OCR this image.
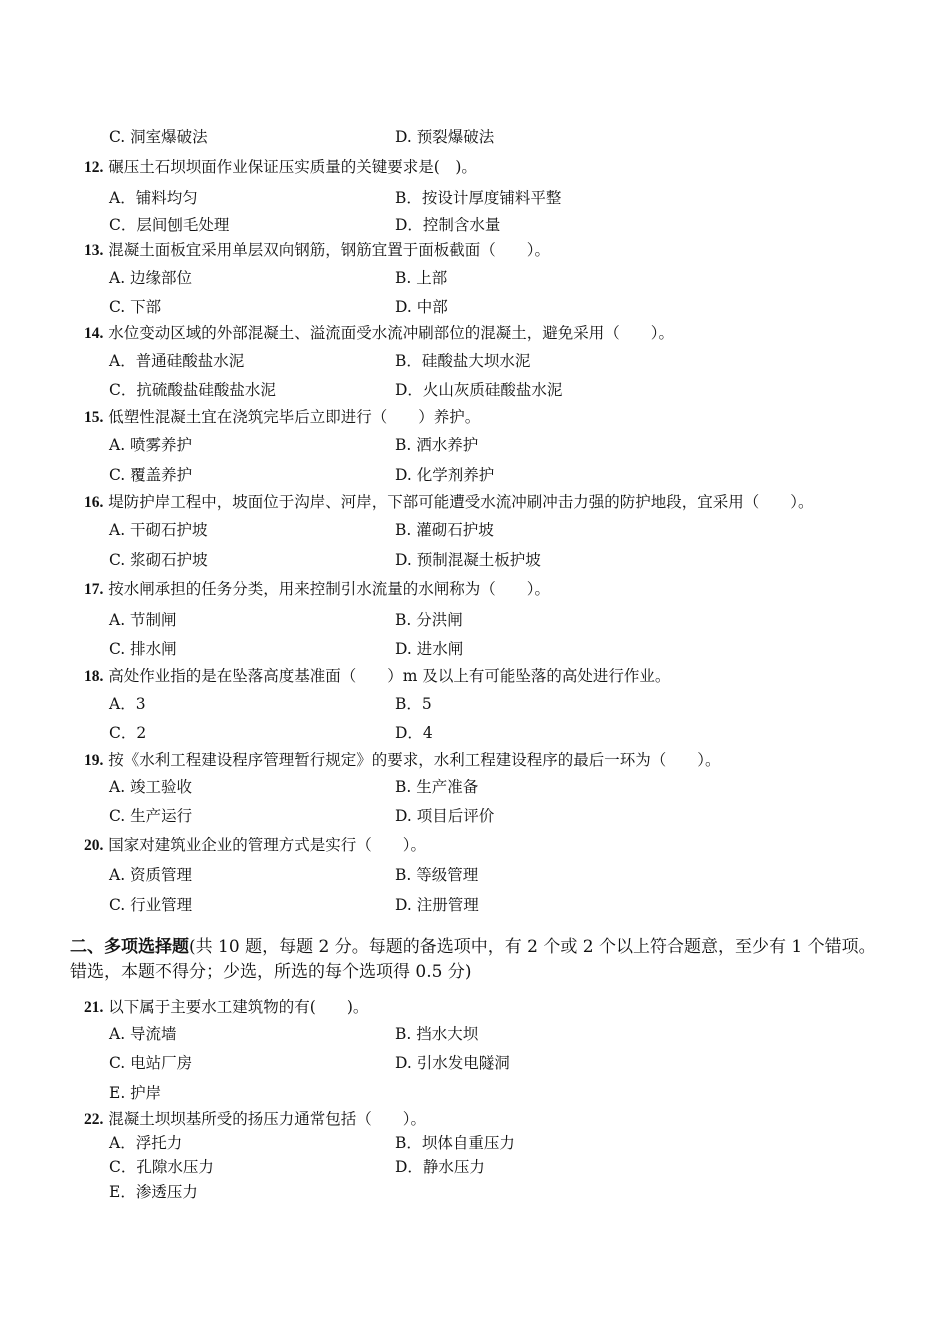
C. 洞室爆破法	D. 预裂爆破法
12. 碾压土石坝坝面作业保证压实质量的关键要求是(　)。
A．铺料均匀	B．按设计厚度铺料平整
C．层间刨毛处理	D．控制含水量
13. 混凝土面板宜采用单层双向钢筋，钢筋宜置于面板截面（　　）。
A. 边缘部位	B. 上部
C. 下部	D. 中部
14. 水位变动区域的外部混凝土、溢流面受水流冲刷部位的混凝土，避免采用（　　）。
A．普通硅酸盐水泥	B．硅酸盐大坝水泥
C．抗硫酸盐硅酸盐水泥	D．火山灰质硅酸盐水泥
15. 低塑性混凝土宜在浇筑完毕后立即进行（　　）养护。
A. 喷雾养护	B. 洒水养护
C. 覆盖养护	D. 化学剂养护
16. 堤防护岸工程中，坡面位于沟岸、河岸，下部可能遭受水流冲刷冲击力强的防护地段，宜采用（　　）。
A. 干砌石护坡	B. 灌砌石护坡
C. 浆砌石护坡	D. 预制混凝土板护坡
17. 按水闸承担的任务分类，用来控制引水流量的水闸称为（　　）。
A. 节制闸	B. 分洪闸
C. 排水闸	D. 进水闸
18. 高处作业指的是在坠落高度基准面（　　）m 及以上有可能坠落的高处进行作业。
A．3	B．5
C．2	D．4
19. 按《水利工程建设程序管理暂行规定》的要求，水利工程建设程序的最后一环为（　　）。
A. 竣工验收	B. 生产准备
C. 生产运行	D. 项目后评价
20. 国家对建筑业企业的管理方式是实行（　　）。
A. 资质管理	B. 等级管理
C. 行业管理	D. 注册管理
二、多项选择题(共 10 题，每题 2 分。每题的备选项中，有 2 个或 2 个以上符合题意，至少有 1 个错项。错选，本题不得分；少选，所选的每个选项得 0.5 分)
21. 以下属于主要水工建筑物的有(　　)。
A. 导流墙	B. 挡水大坝
C. 电站厂房	D. 引水发电隧洞
E. 护岸
22. 混凝土坝坝基所受的扬压力通常包括（　　）。
A．浮托力	B．坝体自重压力
C．孔隙水压力	D．静水压力
E．渗透压力
